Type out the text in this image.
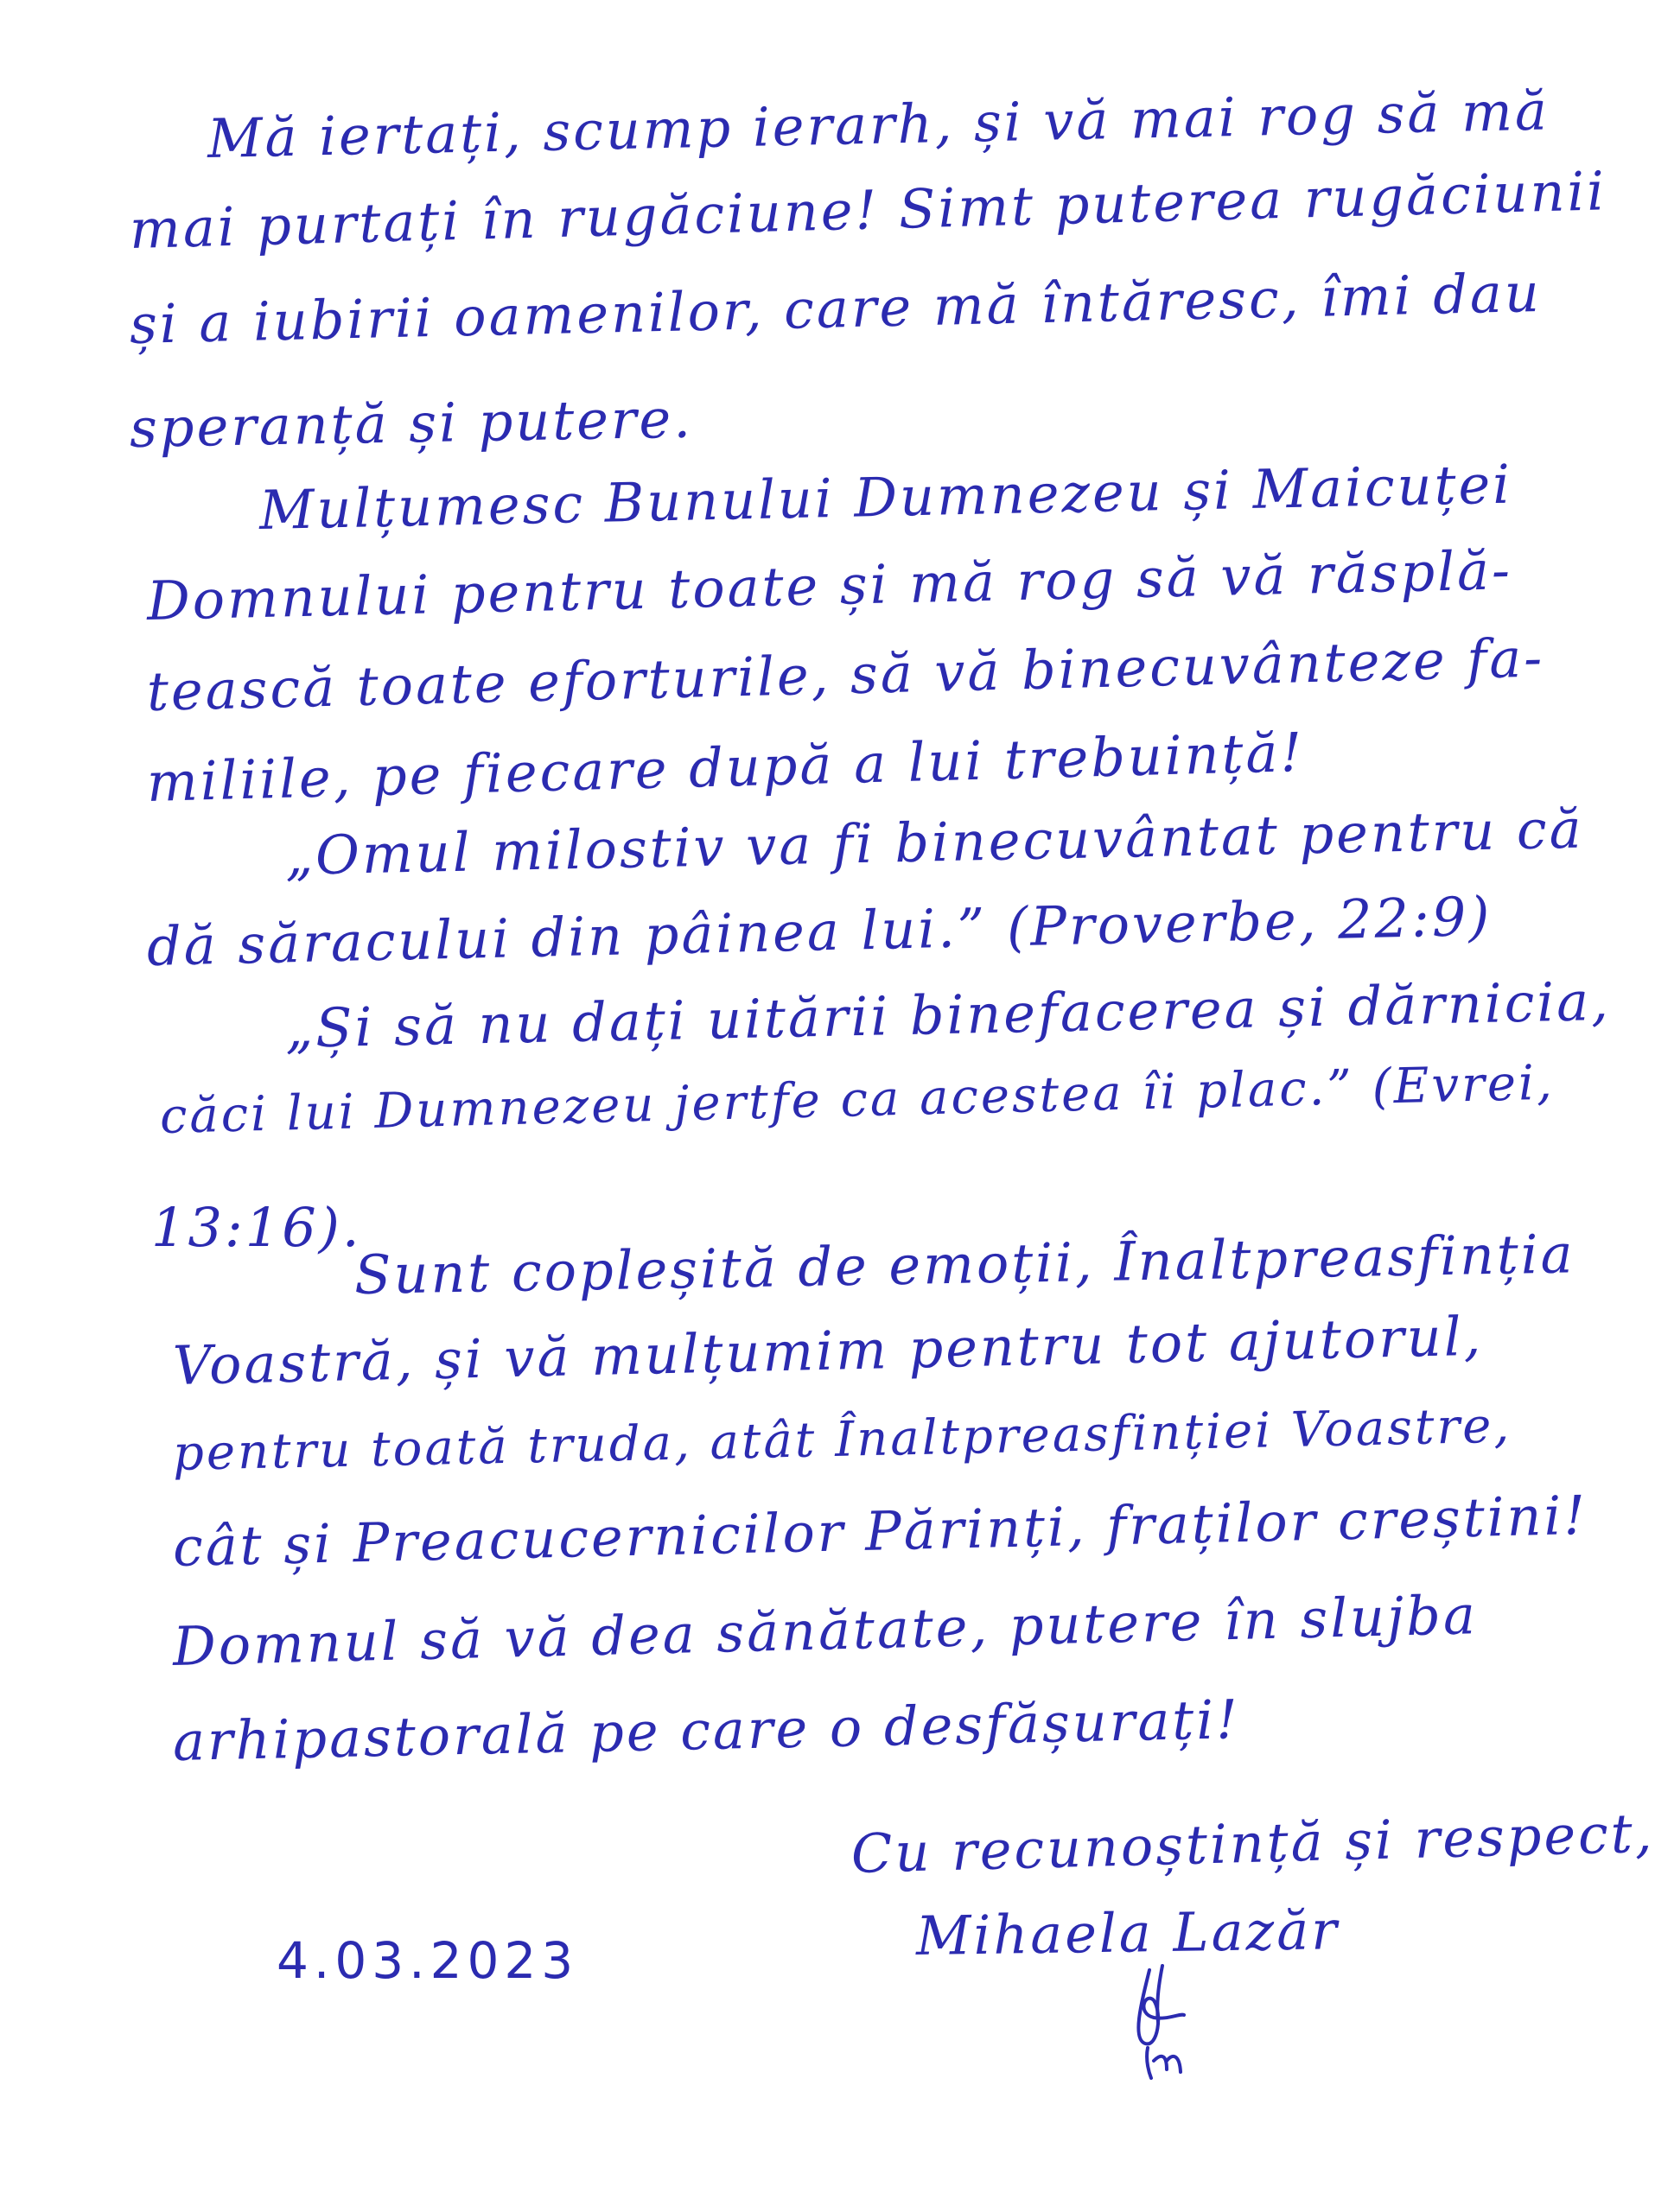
Mă iertați, scump ierarh, și vă mai rog să mă
mai purtați în rugăciune! Simt puterea rugăciunii
și a iubirii oamenilor, care mă întăresc, îmi dau
speranță și putere.
Mulțumesc Bunului Dumnezeu și Maicuței
Domnului pentru toate și mă rog să vă răsplă-
tească toate eforturile, să vă binecuvânteze fa-
miliile, pe fiecare după a lui trebuință!
„Omul milostiv va fi binecuvântat pentru că
dă săracului din pâinea lui.” (Proverbe, 22:9)
„Și să nu dați uitării binefacerea și dărnicia,
căci lui Dumnezeu jertfe ca acestea îi plac.” (Evrei,
13:16).
Sunt copleșită de emoții, Înaltpreasfinția
Voastră, și vă mulțumim pentru tot ajutorul,
pentru toată truda, atât Înaltpreasfinției Voastre,
cât și Preacucernicilor Părinți, fraților creștini!
Domnul să vă dea sănătate, putere în slujba
arhipastorală pe care o desfășurați!
Cu recunoștință și respect,
Mihaela Lazăr
4.03.2023
